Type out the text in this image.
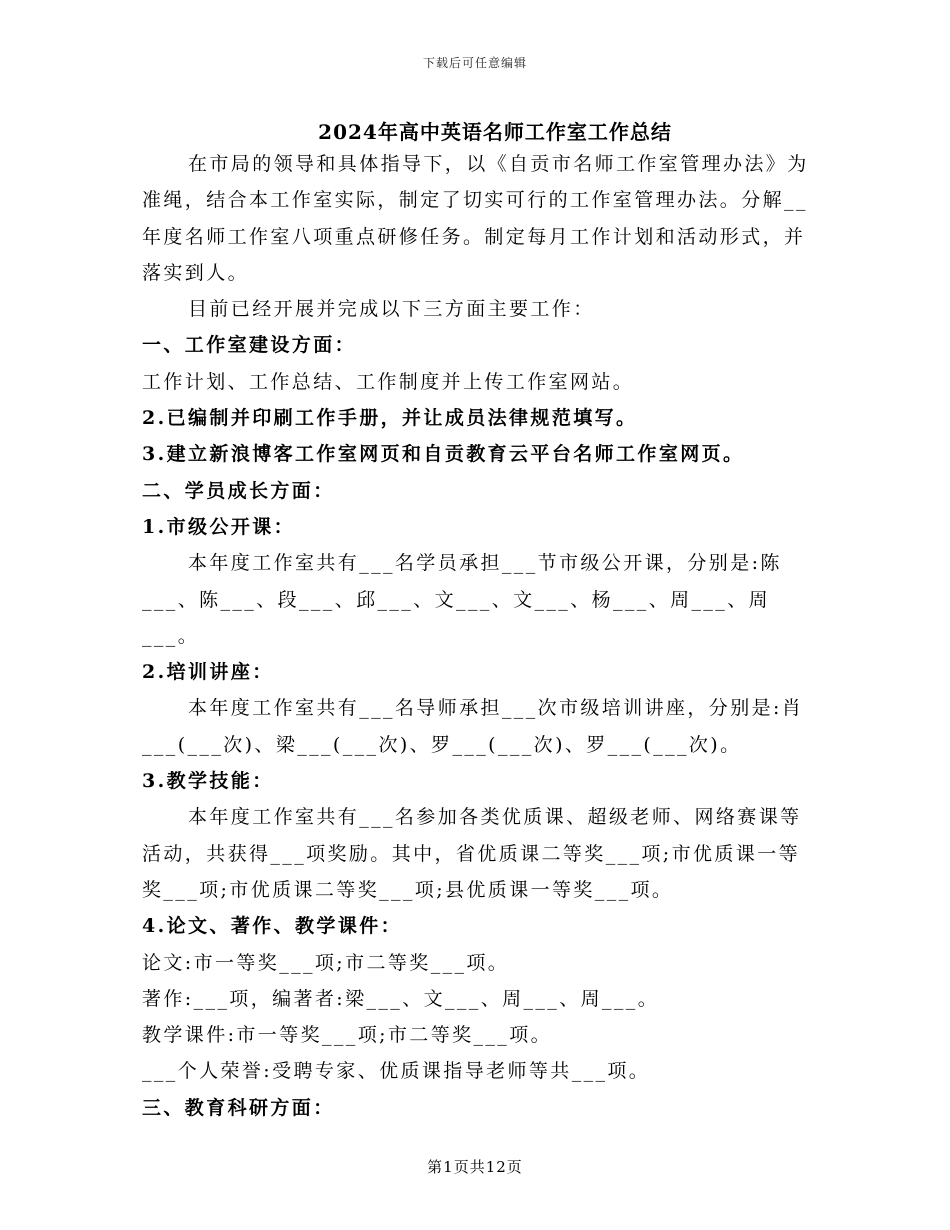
下载后可任意编辑
2024年高中英语名师工作室工作总结

在市局的领导和具体指导下，以《自贡市名师工作室管理办法》为准绳，结合本工作室实际，制定了切实可行的工作室管理办法。分解__年度名师工作室八项重点研修任务。制定每月工作计划和活动形式，并落实到人。

目前已经开展并完成以下三方面主要工作：

一、工作室建设方面：

工作计划、工作总结、工作制度并上传工作室网站。

2.已编制并印刷工作手册，并让成员法律规范填写。

3.建立新浪博客工作室网页和自贡教育云平台名师工作室网页。

二、学员成长方面：

1.市级公开课：

本年度工作室共有___名学员承担___节市级公开课，分别是:陈___、陈___、段___、邱___、文___、文___、杨___、周___、周___。

2.培训讲座：

本年度工作室共有___名导师承担___次市级培训讲座，分别是:肖___(___次)、梁___(___次)、罗___(___次)、罗___(___次)。

3.教学技能：

本年度工作室共有___名参加各类优质课、超级老师、网络赛课等活动，共获得___项奖励。其中，省优质课二等奖___项;市优质课一等奖___项;市优质课二等奖___项;县优质课一等奖___项。

4.论文、著作、教学课件：

论文:市一等奖___项;市二等奖___项。

著作:___项，编著者:梁___、文___、周___、周___。

教学课件:市一等奖___项;市二等奖___项。

___个人荣誉:受聘专家、优质课指导老师等共___项。

三、教育科研方面：

第1页共12页
